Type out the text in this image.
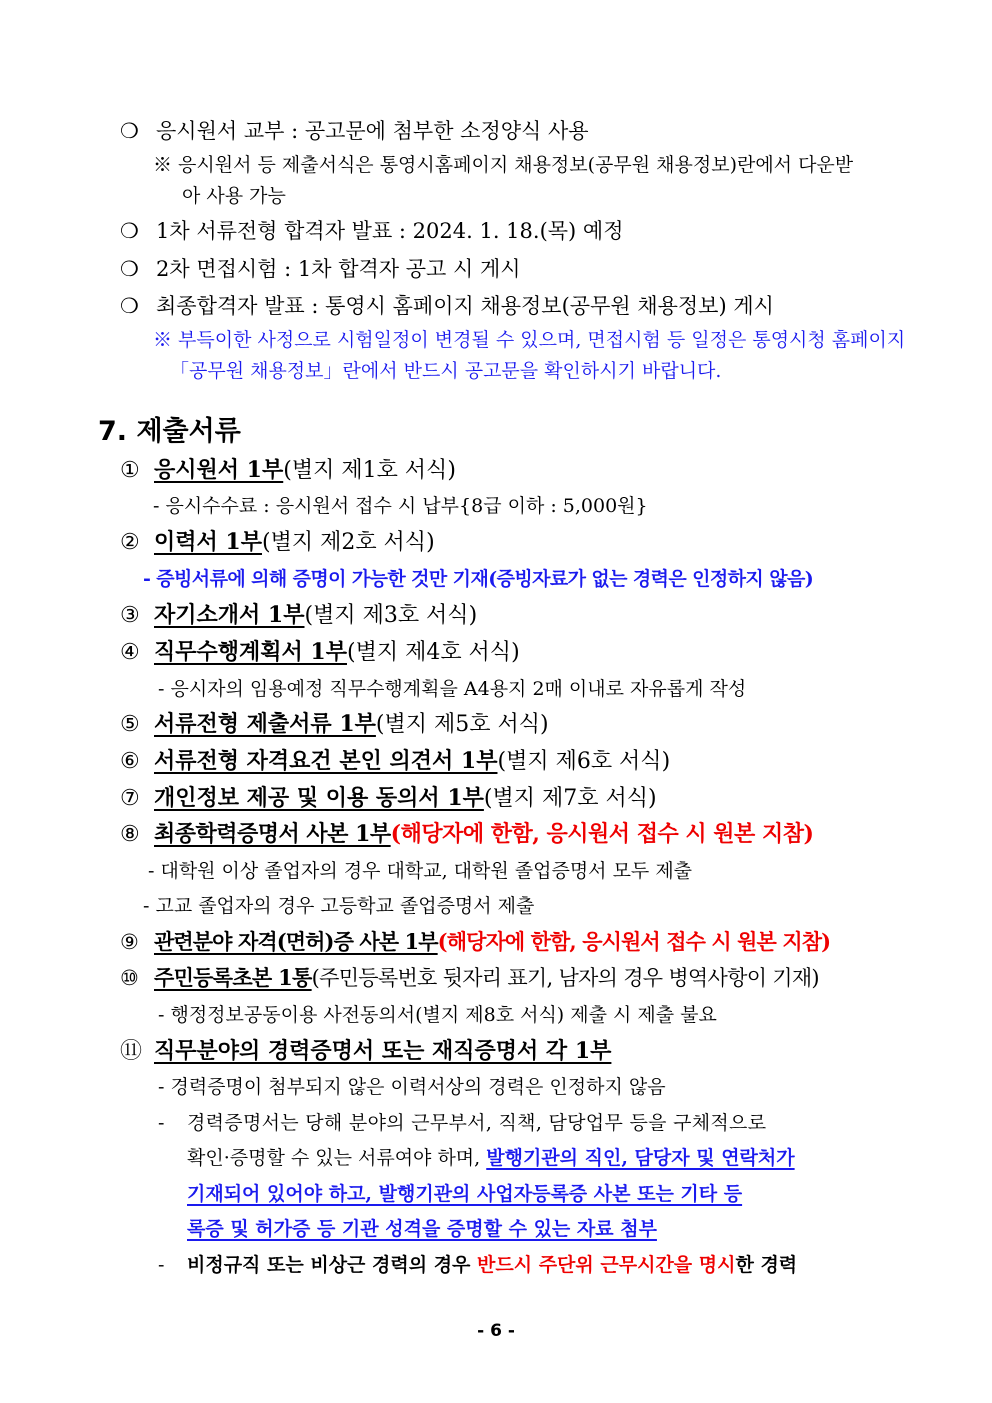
❍ 응시원서 교부 : 공고문에 첨부한 소정양식 사용
※ 응시원서 등 제출서식은 통영시홈페이지 채용정보(공무원 채용정보)란에서 다운받
아 사용 가능
❍ 1차 서류전형 합격자 발표 : 2024. 1. 18.(목) 예정
❍ 2차 면접시험 : 1차 합격자 공고 시 게시
❍ 최종합격자 발표 : 통영시 홈페이지 채용정보(공무원 채용정보) 게시
※ 부득이한 사정으로 시험일정이 변경될 수 있으며, 면접시험 등 일정은 통영시청 홈페이지
「공무원 채용정보」란에서 반드시 공고문을 확인하시기 바랍니다.
7. 제출서류
① 응시원서 1부(별지 제1호 서식)
- 응시수수료 : 응시원서 접수 시 납부{8급 이하 : 5,000원}
② 이력서 1부(별지 제2호 서식)
- 증빙서류에 의해 증명이 가능한 것만 기재(증빙자료가 없는 경력은 인정하지 않음)
③ 자기소개서 1부(별지 제3호 서식)
④ 직무수행계획서 1부(별지 제4호 서식)
- 응시자의 임용예정 직무수행계획을 A4용지 2매 이내로 자유롭게 작성
⑤ 서류전형 제출서류 1부(별지 제5호 서식)
⑥ 서류전형 자격요건 본인 의견서 1부(별지 제6호 서식)
⑦ 개인정보 제공 및 이용 동의서 1부(별지 제7호 서식)
⑧ 최종학력증명서 사본 1부(해당자에 한함, 응시원서 접수 시 원본 지참)
- 대학원 이상 졸업자의 경우 대학교, 대학원 졸업증명서 모두 제출
- 고교 졸업자의 경우 고등학교 졸업증명서 제출
⑨ 관련분야 자격(면허)증 사본 1부(해당자에 한함, 응시원서 접수 시 원본 지참)
⑩ 주민등록초본 1통(주민등록번호 뒷자리 표기, 남자의 경우 병역사항이 기재)
- 행정정보공동이용 사전동의서(별지 제8호 서식) 제출 시 제출 불요
⑪ 직무분야의 경력증명서 또는 재직증명서 각 1부
- 경력증명이 첨부되지 않은 이력서상의 경력은 인정하지 않음
- 경력증명서는 당해 분야의 근무부서, 직책, 담당업무 등을 구체적으로
확인·증명할 수 있는 서류여야 하며, 발행기관의 직인, 담당자 및 연락처가
기재되어 있어야 하고, 발행기관의 사업자등록증 사본 또는 기타 등
록증 및 허가증 등 기관 성격을 증명할 수 있는 자료 첨부
- 비정규직 또는 비상근 경력의 경우 반드시 주단위 근무시간을 명시한 경력
- 6 -
